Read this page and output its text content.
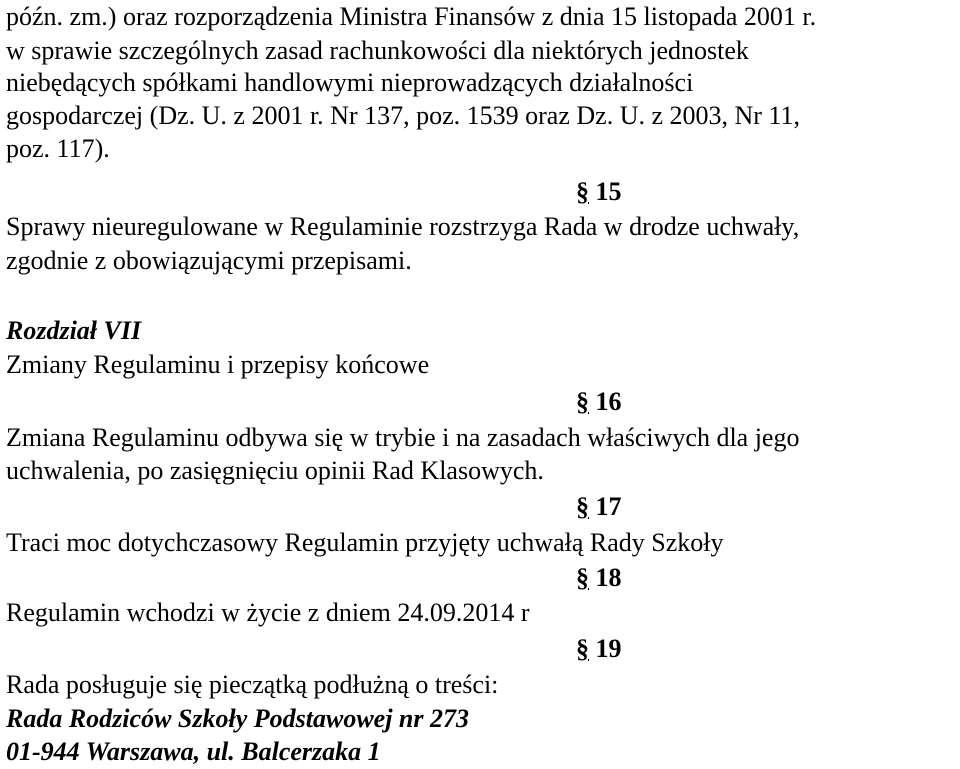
późn. zm.) oraz rozporządzenia Ministra Finansów z dnia 15 listopada 2001 r.
w sprawie szczególnych zasad rachunkowości dla niektórych jednostek
niebędących spółkami handlowymi nieprowadzących działalności
gospodarczej (Dz. U. z 2001 r. Nr 137, poz. 1539 oraz Dz. U. z 2003, Nr 11,
poz. 117).
§ 15
Sprawy nieuregulowane w Regulaminie rozstrzyga Rada w drodze uchwały,
zgodnie z obowiązującymi przepisami.
Rozdział VII
Zmiany Regulaminu i przepisy końcowe
§ 16
Zmiana Regulaminu odbywa się w trybie i na zasadach właściwych dla jego
uchwalenia, po zasięgnięciu opinii Rad Klasowych.
§ 17
Traci moc dotychczasowy Regulamin przyjęty uchwałą Rady Szkoły
§ 18
Regulamin wchodzi w życie z dniem 24.09.2014 r
§ 19
Rada posługuje się pieczątką podłużną o treści:
Rada Rodziców Szkoły Podstawowej nr 273
01-944 Warszawa, ul. Balcerzaka 1
